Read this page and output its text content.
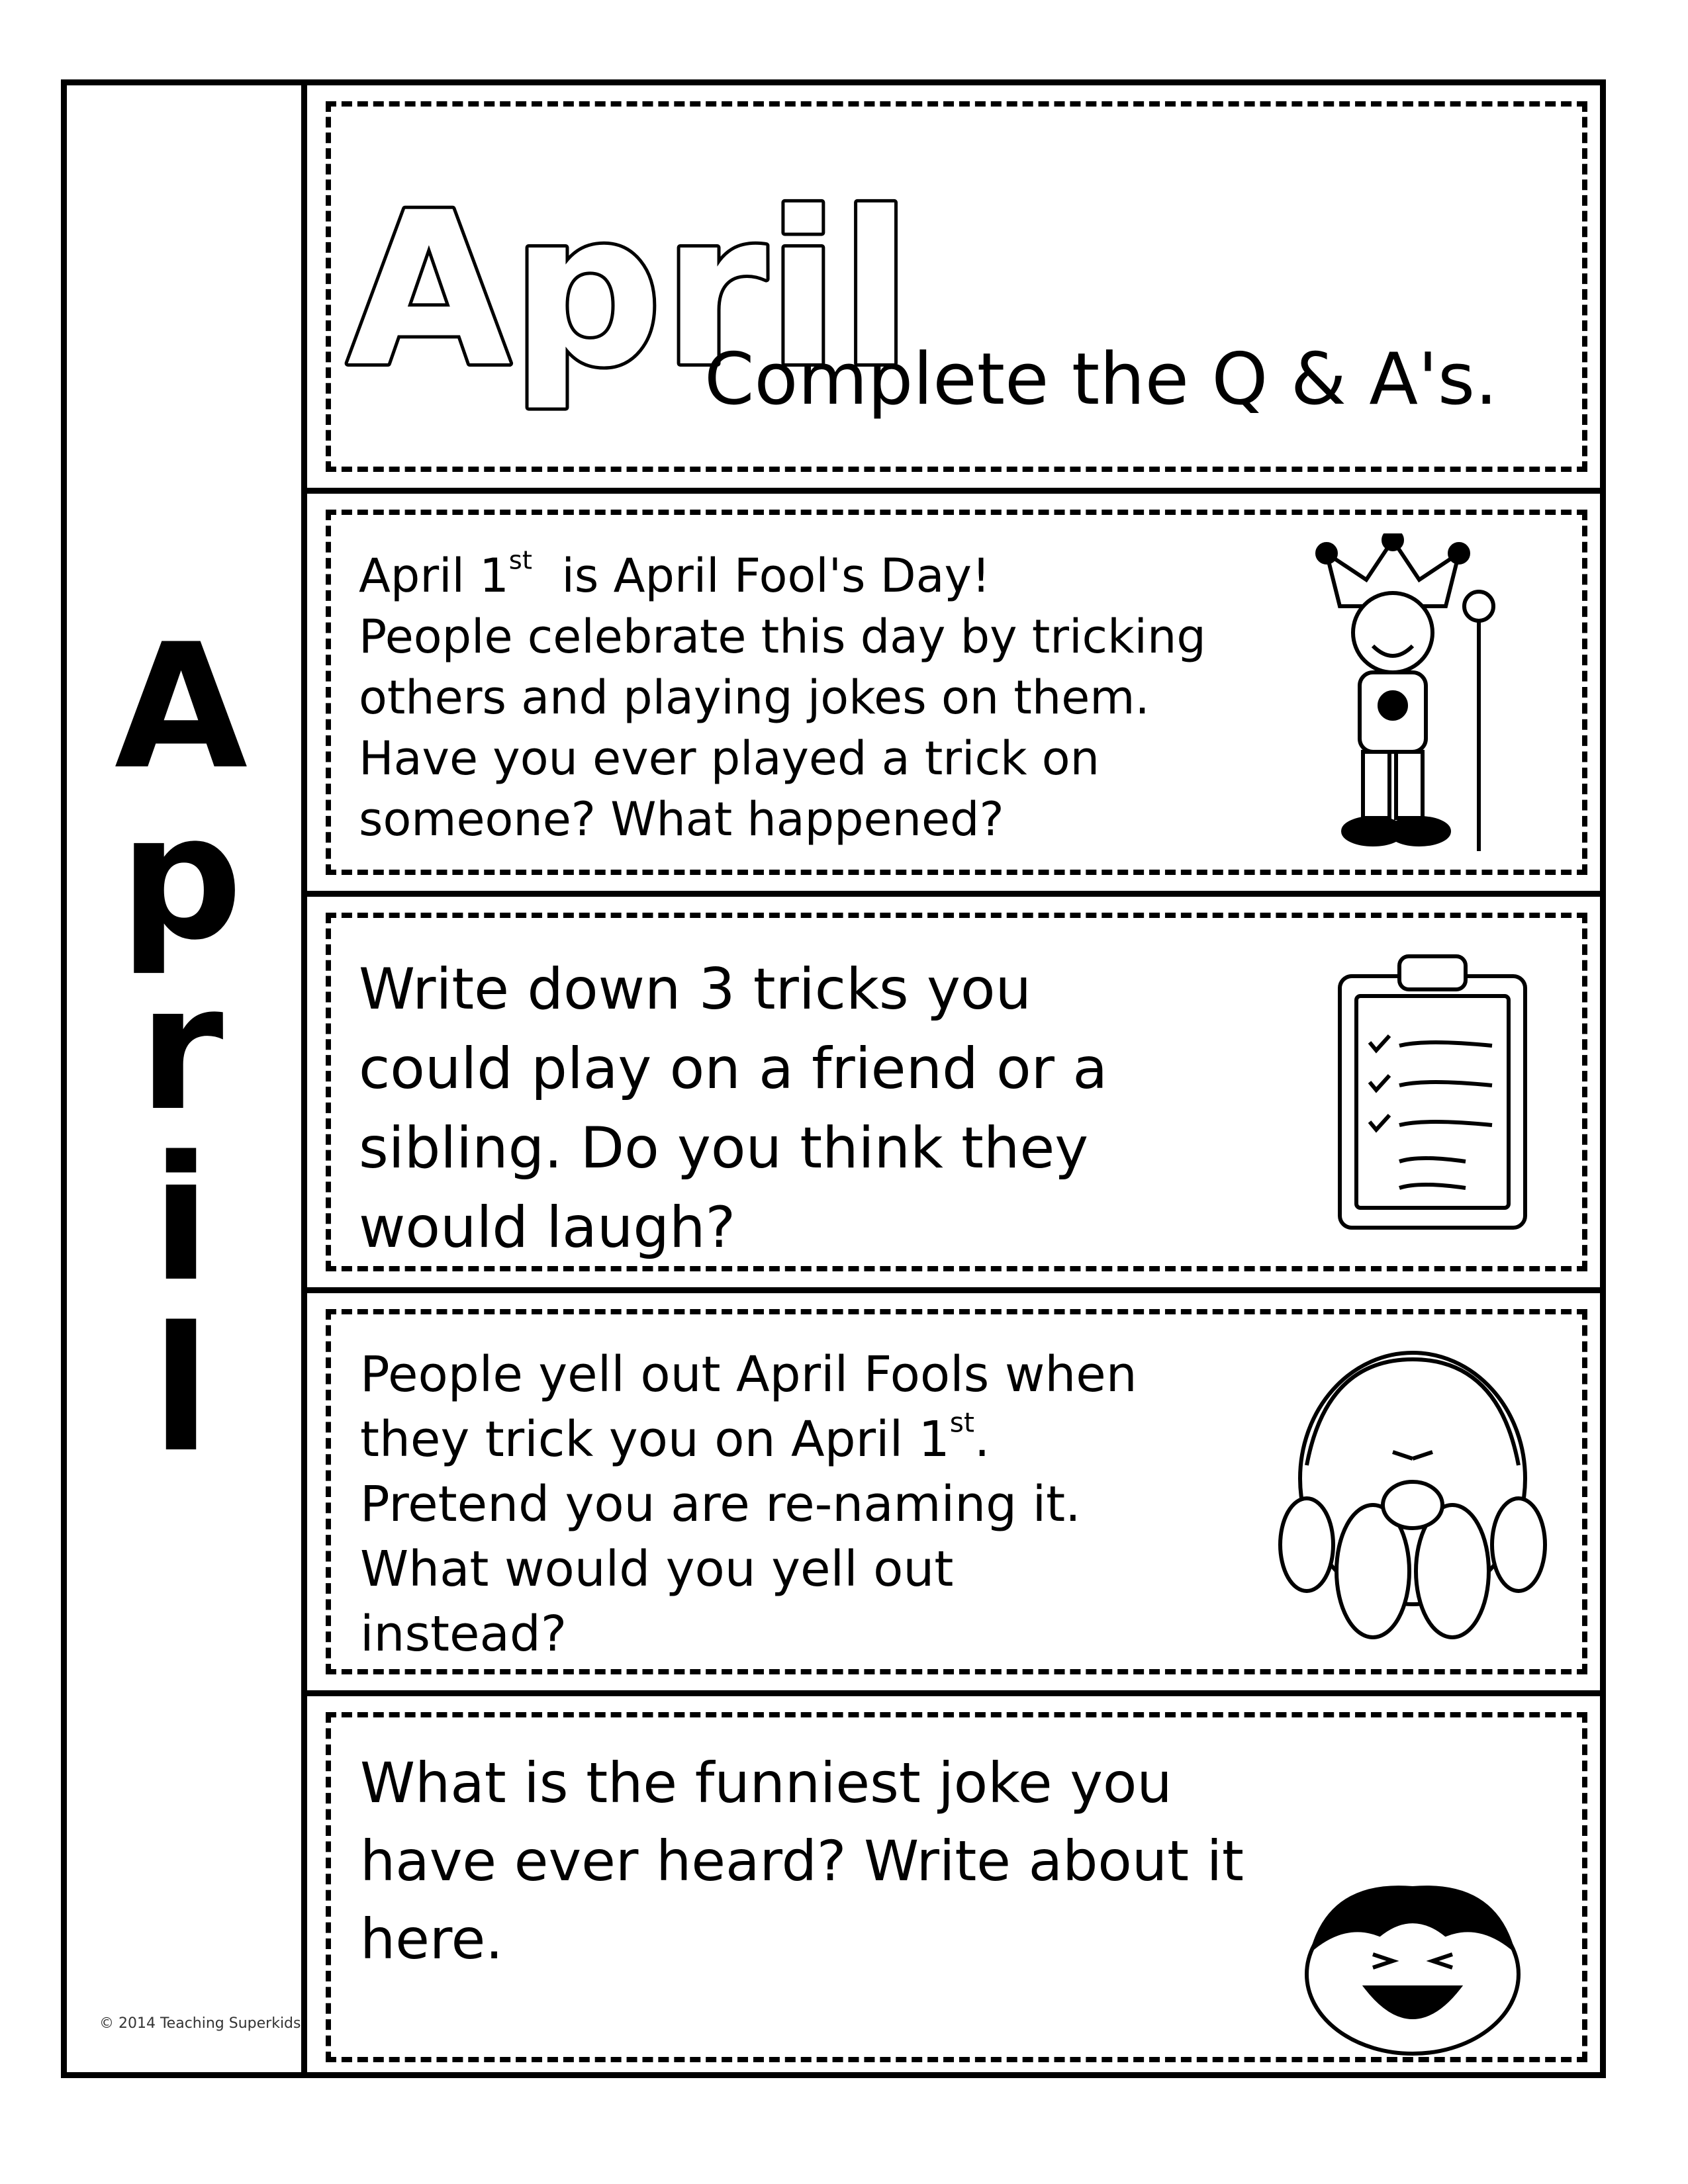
A
p
r
i
l
April
Complete the Q & A's.
April 1st is April Fool's Day!
People celebrate this day by tricking
others and playing jokes on them.
Have you ever played a trick on
someone? What happened?
Write down 3 tricks you
could play on a friend or a
sibling. Do you think they
would laugh?
People yell out April Fools when
they trick you on April 1st.
Pretend you are re-naming it.
What would you yell out
instead?
What is the funniest joke you
have ever heard? Write about it
here.
© 2014 Teaching Superkids
